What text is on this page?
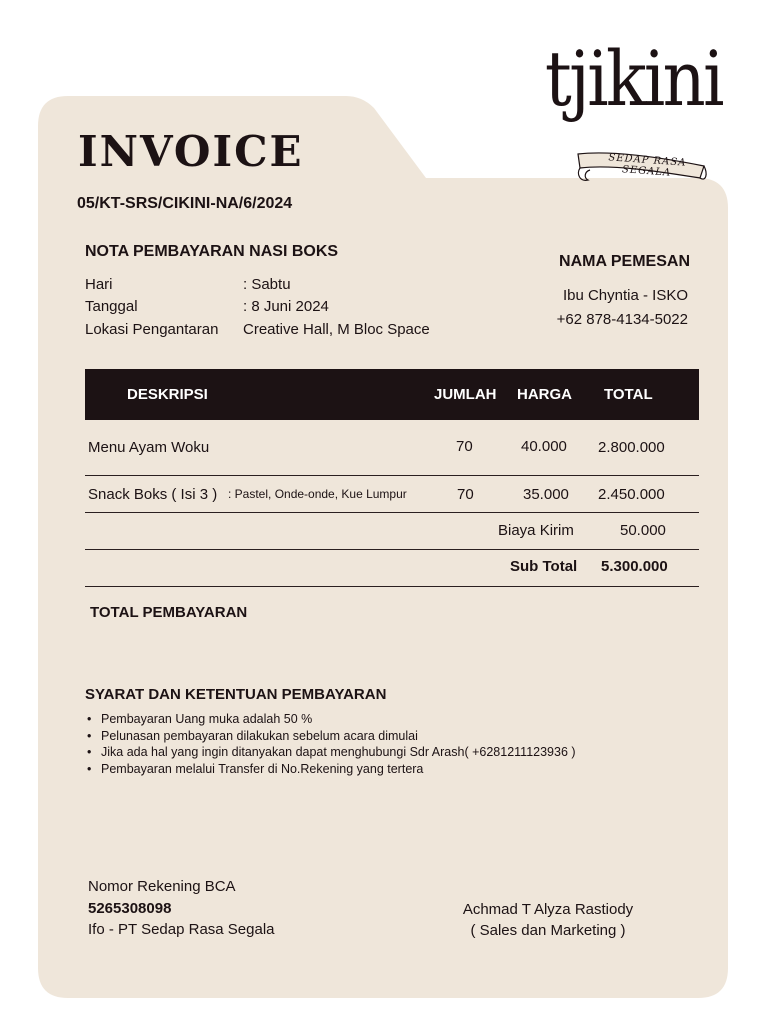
tjikini
SEDAP RASA SEGALA
INVOICE
05/KT-SRS/CIKINI-NA/6/2024
NOTA PEMBAYARAN NASI BOKS
Hari	: Sabtu
Tanggal	: 8 Juni 2024
Lokasi Pengantaran Creative Hall, M Bloc Space
NAMA PEMESAN
Ibu Chyntia - ISKO
+62 878-4134-5022
DESKRIPSI	JUMLAH HARGA TOTAL
Menu Ayam Woku	70	40.000 2.800.000
Snack Boks ( Isi 3 ) : Pastel, Onde-onde, Kue Lumpur	70	35.000 2.450.000
Biaya Kirim	50.000
Sub Total 5.300.000
TOTAL PEMBAYARAN
SYARAT DAN KETENTUAN PEMBAYARAN
• Pembayaran Uang muka adalah 50 %
• Pelunasan pembayaran dilakukan sebelum acara dimulai
• Jika ada hal yang ingin ditanyakan dapat menghubungi Sdr Arash( +6281211123936 )
• Pembayaran melalui Transfer di No.Rekening yang tertera
Nomor Rekening BCA
5265308098
Ifo - PT Sedap Rasa Segala
Achmad T Alyza Rastiody
( Sales dan Marketing )
